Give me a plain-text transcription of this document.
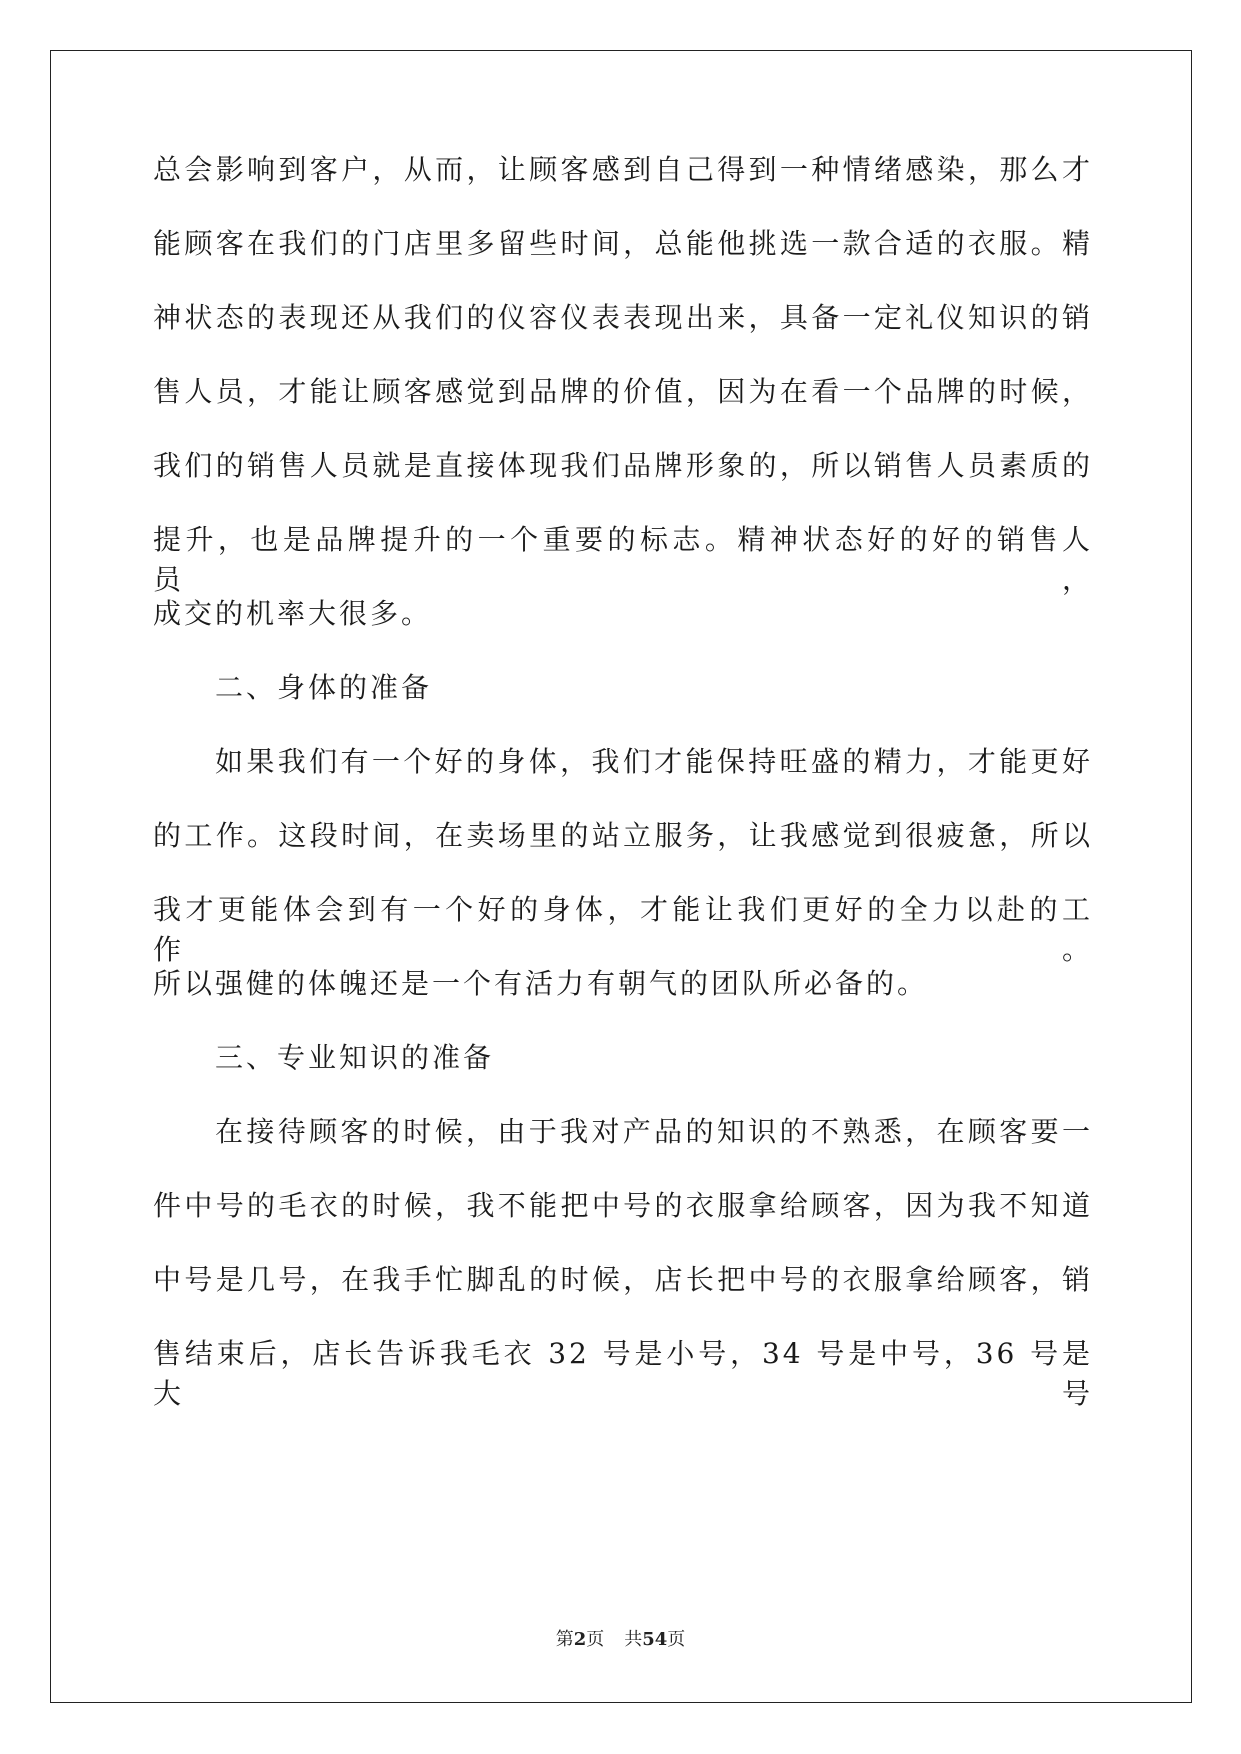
总会影响到客户，从而，让顾客感到自己得到一种情绪感染，那么才
能顾客在我们的门店里多留些时间，总能他挑选一款合适的衣服。精
神状态的表现还从我们的仪容仪表表现出来，具备一定礼仪知识的销
售人员，才能让顾客感觉到品牌的价值，因为在看一个品牌的时候，
我们的销售人员就是直接体现我们品牌形象的，所以销售人员素质的
提升，也是品牌提升的一个重要的标志。精神状态好的好的销售人员，
成交的机率大很多。
二、身体的准备
如果我们有一个好的身体，我们才能保持旺盛的精力，才能更好
的工作。这段时间，在卖场里的站立服务，让我感觉到很疲惫，所以
我才更能体会到有一个好的身体，才能让我们更好的全力以赴的工作。
所以强健的体魄还是一个有活力有朝气的团队所必备的。
三、专业知识的准备
在接待顾客的时候，由于我对产品的知识的不熟悉，在顾客要一
件中号的毛衣的时候，我不能把中号的衣服拿给顾客，因为我不知道
中号是几号，在我手忙脚乱的时候，店长把中号的衣服拿给顾客，销
售结束后，店长告诉我毛衣 32 号是小号，34 号是中号，36 号是大号
第2页 共54页
